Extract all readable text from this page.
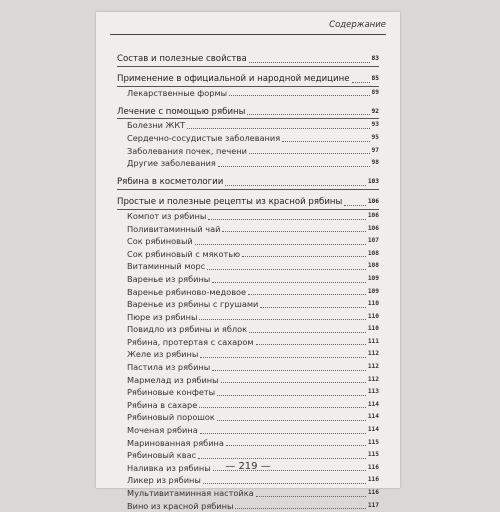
Содержание
Состав и полезные свойства	83
Применение в официальной и народной медицине	85
Лекарственные формы	89
Лечение с помощью рябины	92
Болезни ЖКТ	93
Сердечно-сосудистые заболевания	95
Заболевания почек, печени	97
Другие заболевания	98
Рябина в косметологии	103
Простые и полезные рецепты из красной рябины	106
Компот из рябины	106
Поливитаминный чай	106
Сок рябиновый	107
Сок рябиновый с мякотью	108
Витаминный морс	108
Варенье из рябины	109
Варенье рябиново-медовое	109
Варенье из рябины с грушами	110
Пюре из рябины	110
Повидло из рябины и яблок	110
Рябина, протертая с сахаром	111
Желе из рябины	112
Пастила из рябины	112
Мармелад из рябины	112
Рябиновые конфеты	113
Рябина в сахаре	114
Рябиновый порошок	114
Моченая рябина	114
Маринованная рябина	115
Рябиновый квас	115
Наливка из рябины	116
Ликер из рябины	116
Мультивитаминная настойка	116
Вино из красной рябины	117
— 219 —
